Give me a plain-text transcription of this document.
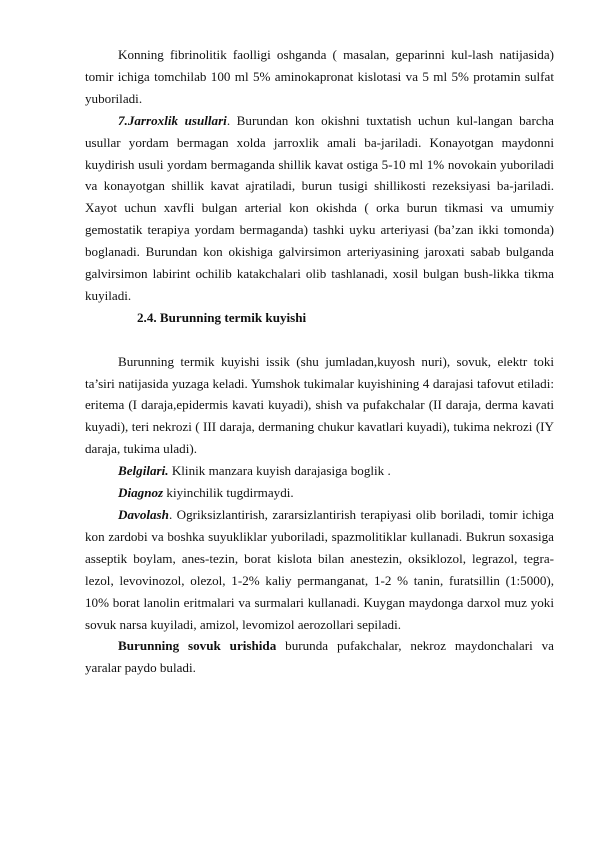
Konning fibrinolitik faolligi oshganda ( masalan, geparinni kul-lash natijasida) tomir ichiga tomchilab 100 ml 5% aminokapronat kislotasi va 5 ml 5% protamin sulfat yuboriladi.

7.Jarroxlik usullari. Burundan kon okishni tuxtatish uchun kul-langan barcha usullar yordam bermagan xolda jarroxlik amali ba-jariladi. Konayotgan maydonni kuydirish usuli yordam bermaganda shillik kavat ostiga 5-10 ml 1% novokain yuboriladi va konayotgan shillik kavat ajratiladi, burun tusigi shillikosti rezeksiyasi ba-jariladi. Xayot uchun xavfli bulgan arterial kon okishda ( orka burun tikmasi va umumiy gemostatik terapiya yordam bermaganda) tashki uyku arteriyasi (ba’zan ikki tomonda) boglanadi. Burundan kon okishiga galvirsimon arteriyasining jaroxati sabab bulganda galvirsimon labirint ochilib katakchalari olib tashlanadi, xosil bulgan bush-likka tikma kuyiladi.

2.4. Burunning termik kuyishi

Burunning termik kuyishi issik (shu jumladan,kuyosh nuri), sovuk, elektr toki ta’siri natijasida yuzaga keladi. Yumshok tukimalar kuyishining 4 darajasi tafovut etiladi: eritema (I daraja,epidermis kavati kuyadi), shish va pufakchalar (II daraja, derma kavati kuyadi), teri nekrozi ( III daraja, dermaning chukur kavatlari kuyadi), tukima nekrozi (IY daraja, tukima uladi).

Belgilari. Klinik manzara kuyish darajasiga boglik .

Diagnoz kiyinchilik tugdirmaydi.

Davolash. Ogriksizlantirish, zararsizlantirish terapiyasi olib boriladi, tomir ichiga kon zardobi va boshka suyukliklar yuboriladi, spazmolitiklar kullanadi. Bukrun soxasiga asseptik boylam, anes-tezin, borat kislota bilan anestezin, oksiklozol, legrazol, tegra-lezol, levovinozol, olezol, 1-2% kaliy permanganat, 1-2 % tanin, furatsillin (1:5000), 10% borat lanolin eritmalari va surmalari kullanadi. Kuygan maydonga darxol muz yoki sovuk narsa kuyiladi, amizol, levomizol aerozollari sepiladi.

Burunning sovuk urishida burunda pufakchalar, nekroz maydonchalari va yaralar paydo buladi.
